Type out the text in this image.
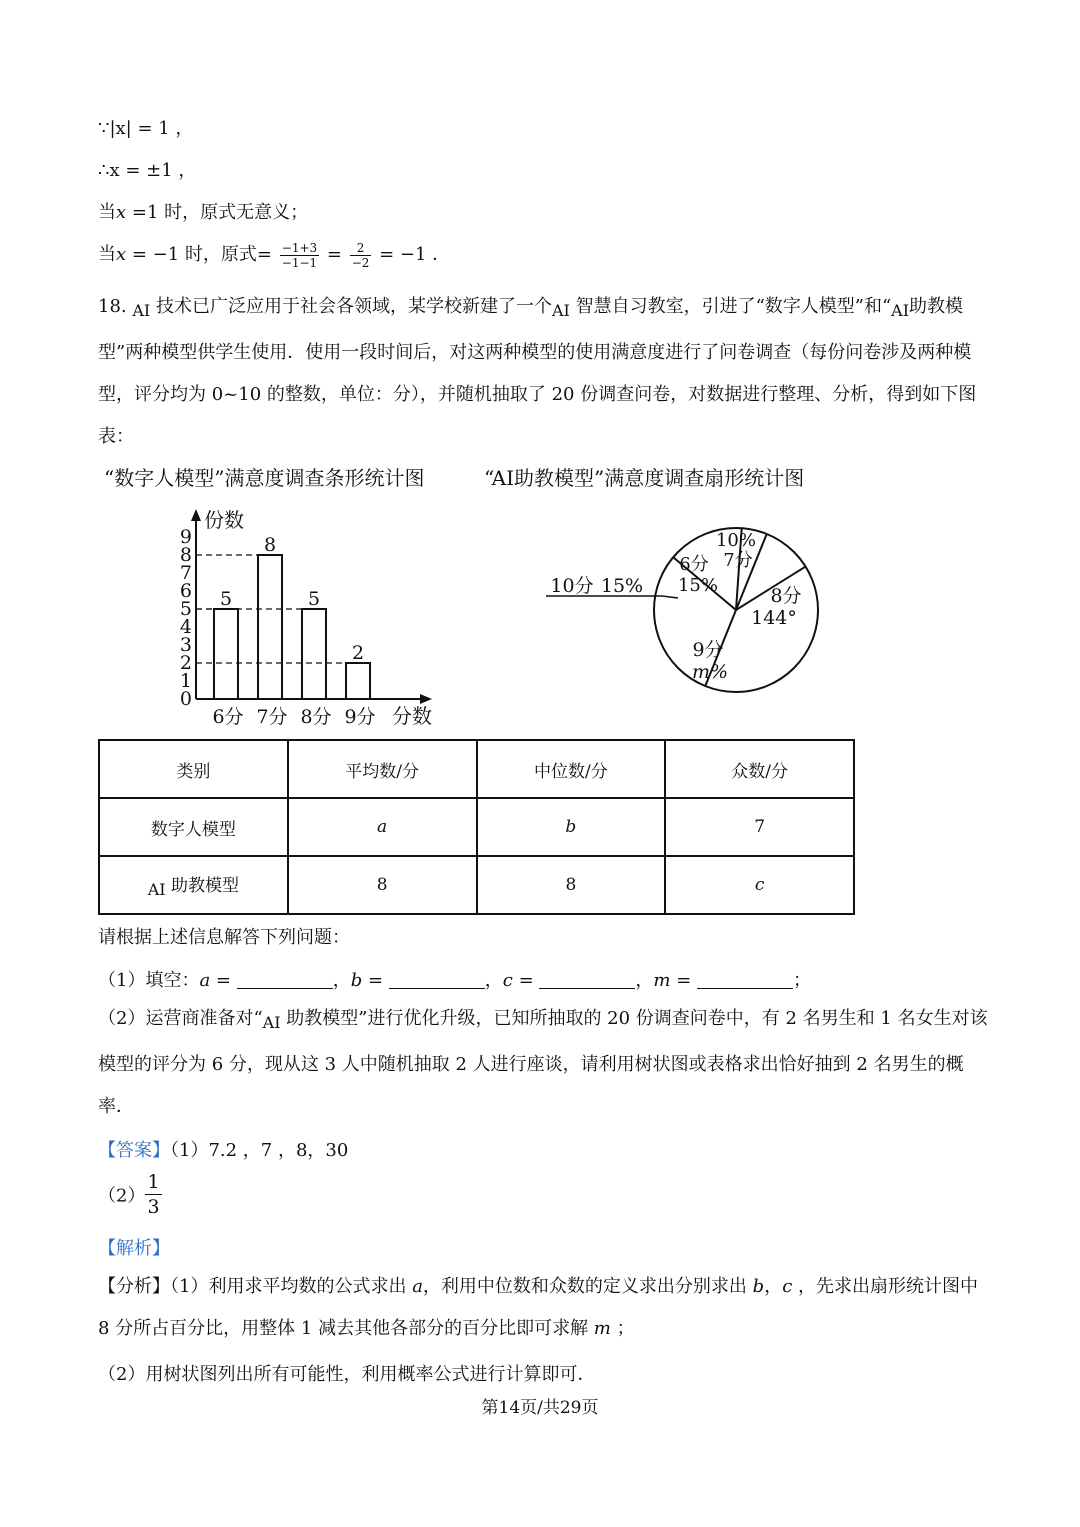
∵|x| = 1 ，
∴x = ±1 ，
当x =1 时，原式无意义；
当x = −1 时，原式= $\frac{-1+3}{-1-1} = \frac{2}{-2} = -1$ ．
18. AI 技术已广泛应用于社会各领域，某学校新建了一个AI 智慧自习教室，引进了“数字人模型”和“AI助教模型”两种模型供学生使用．使用一段时间后，对这两种模型的使用满意度进行了问卷调查（每份问卷涉及两种模型，评分均为 0~10 的整数，单位：分），并随机抽取了 20 份调查问卷，对数据进行整理、分析，得到如下图表：
“数字人模型”满意度调查条形统计图	“AI助教模型”满意度调查扇形统计图
0
1
2
3
4
5
6
7
8
9
份数
分数
5
6分
8
7分
5
8分
2
9分
10%
7分
8分
144°
9分
m%
6分
15%
10分 15%
类别	平均数/分	中位数/分	众数/分
数字人模型	a	b	7
AI 助教模型	8	8	c
请根据上述信息解答下列问题：
（1）填空：a =	，b =	，c =	，m =	；
（2）运营商准备对“AI 助教模型”进行优化升级，已知所抽取的 20 份调查问卷中，有 2 名男生和 1 名女生对该模型的评分为 6 分，现从这 3 人中随机抽取 2 人进行座谈，请利用树状图或表格求出恰好抽到 2 名男生的概率．
【答案】（1）7.2 ，7 ，8，30
$(2) \frac{1}{3}$
【解析】
【分析】（1）利用求平均数的公式求出 a，利用中位数和众数的定义求出分别求出 b，c ，先求出扇形统计图中 8 分所占百分比，用整体 1 减去其他各部分的百分比即可求解 m ；
（2）用树状图列出所有可能性，利用概率公式进行计算即可．
第14页/共29页
